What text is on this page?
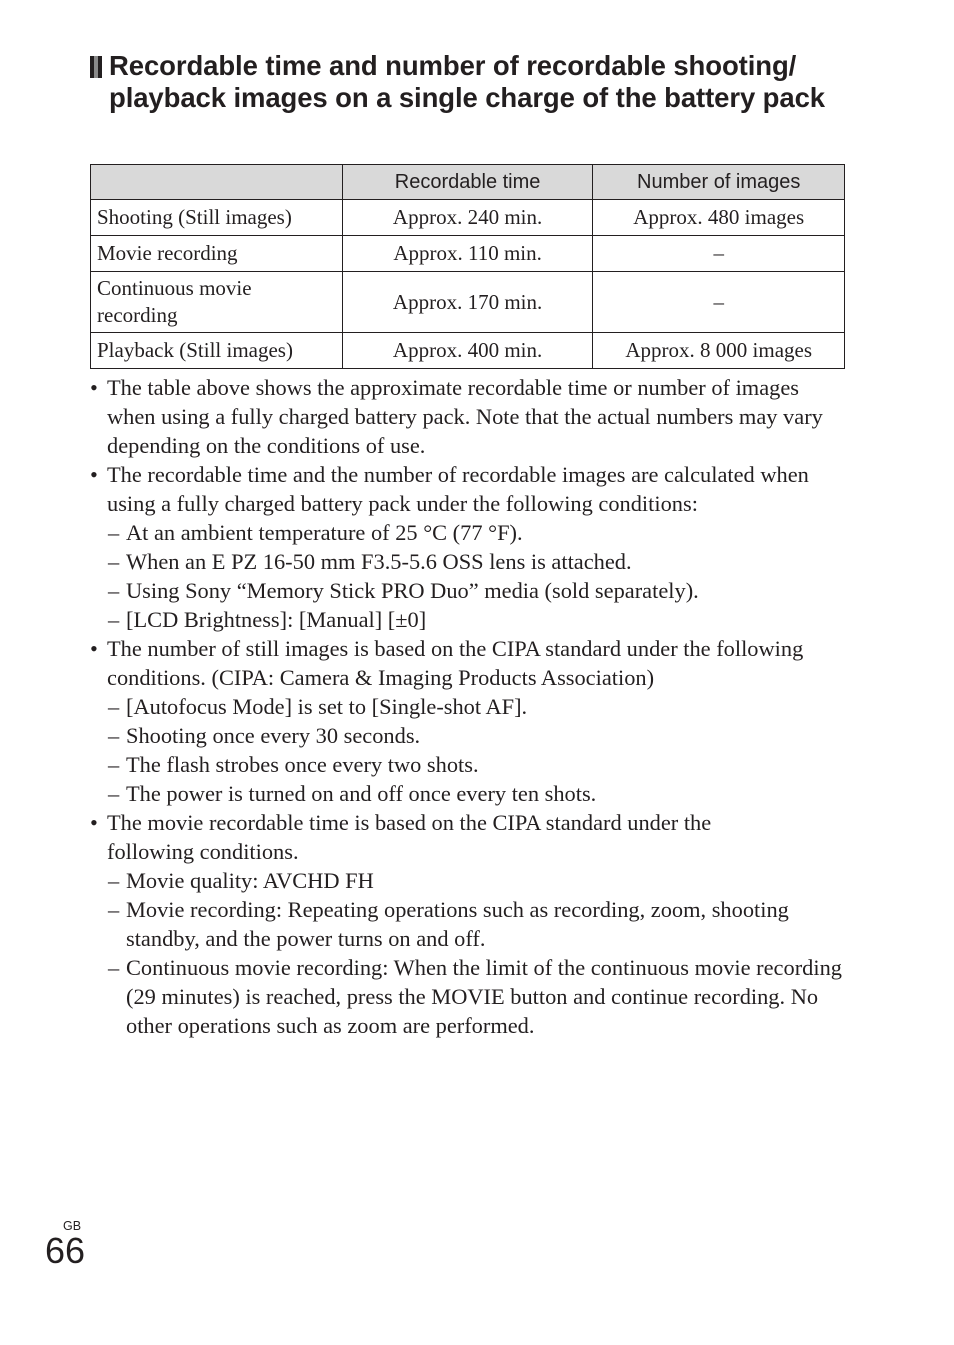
Recordable time and number of recordable shooting/ playback images on a single charge of the battery pack
	Recordable time	Number of images
Shooting (Still images)	Approx. 240 min.	Approx. 480 images
Movie recording	Approx. 110 min.	–
Continuous movie recording	Approx. 170 min.	–
Playback (Still images)	Approx. 400 min.	Approx. 8 000 images
• The table above shows the approximate recordable time or number of images when using a fully charged battery pack. Note that the actual numbers may vary depending on the conditions of use.
• The recordable time and the number of recordable images are calculated when using a fully charged battery pack under the following conditions:
– At an ambient temperature of 25 °C (77 °F).
– When an E PZ 16-50 mm F3.5-5.6 OSS lens is attached.
– Using Sony “Memory Stick PRO Duo” media (sold separately).
– [LCD Brightness]: [Manual] [±0]
• The number of still images is based on the CIPA standard under the following conditions. (CIPA: Camera & Imaging Products Association)
– [Autofocus Mode] is set to [Single-shot AF].
– Shooting once every 30 seconds.
– The flash strobes once every two shots.
– The power is turned on and off once every ten shots.
• The movie recordable time is based on the CIPA standard under the following conditions.
– Movie quality: AVCHD FH
– Movie recording: Repeating operations such as recording, zoom, shooting standby, and the power turns on and off.
– Continuous movie recording: When the limit of the continuous movie recording (29 minutes) is reached, press the MOVIE button and continue recording. No other operations such as zoom are performed.
GB
66
